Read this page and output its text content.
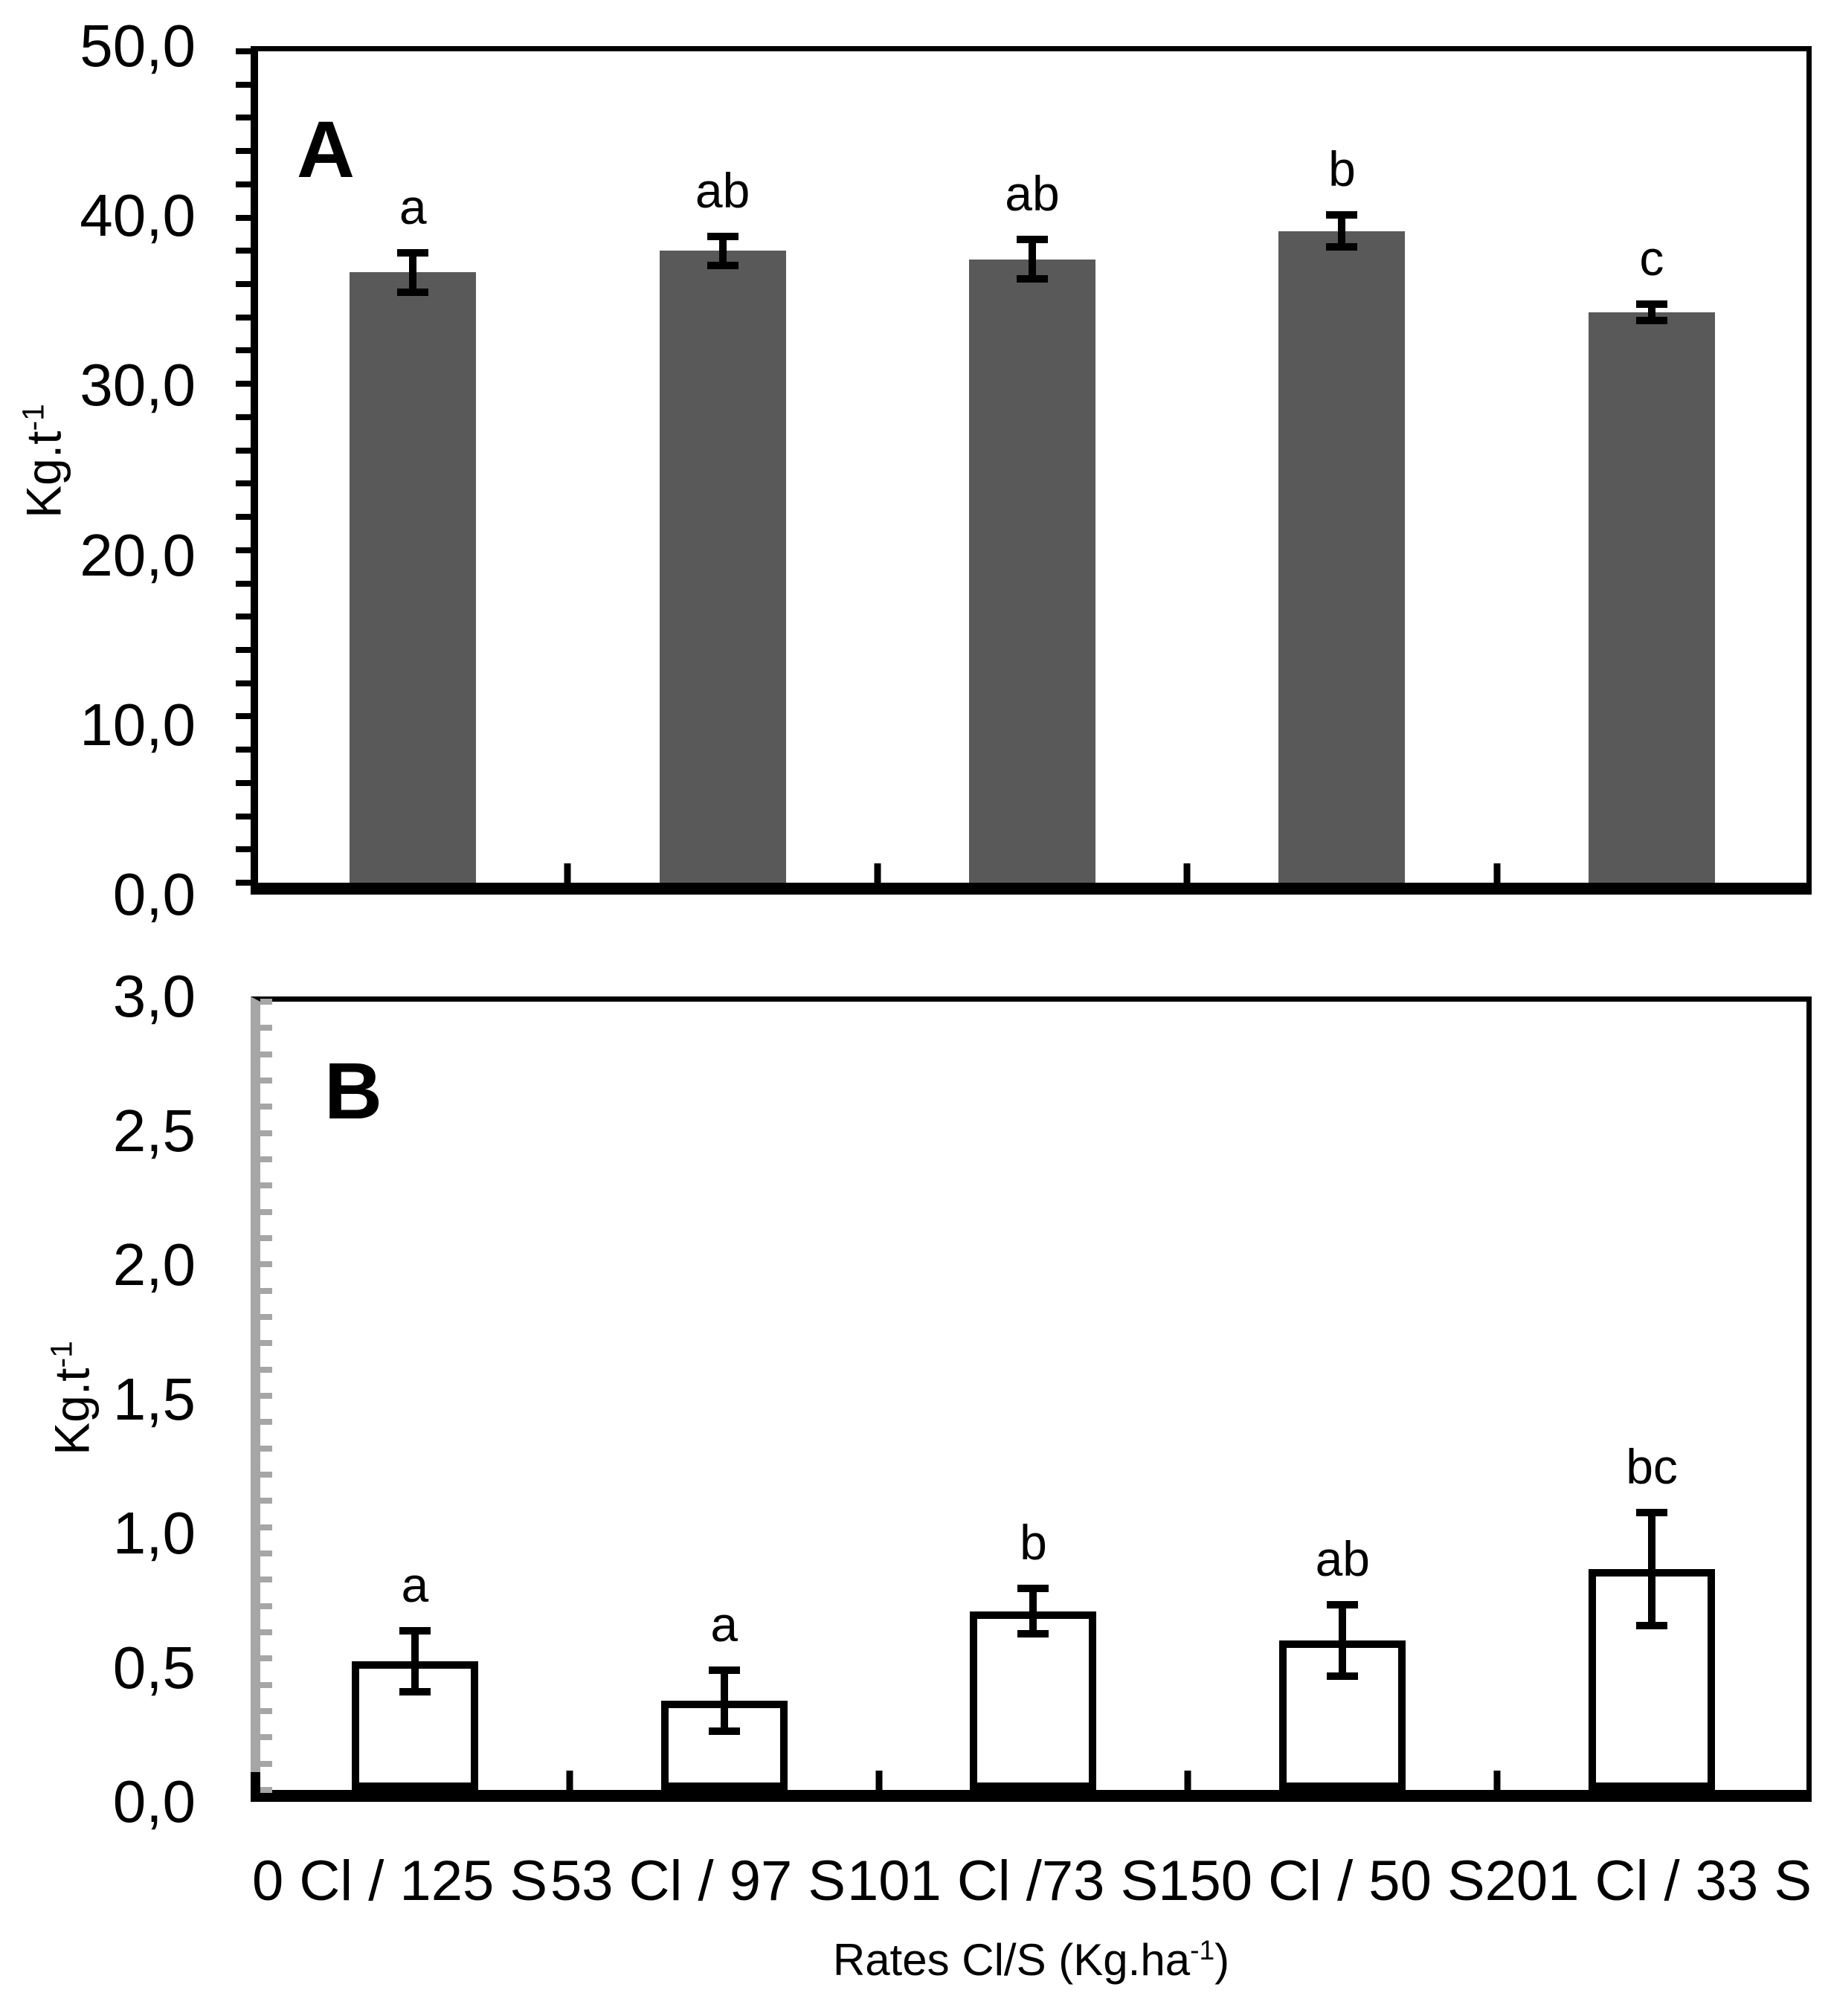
A
a	ab	ab	b
c
50,0
40,0
30,0
20,0
10,0
0,0
$Kg.t^{-1}$
B
a
a
b	ab
bc
3,0
2,5
2,0
1,5
1,0
0,5
0,0
$Kg.t^{-1}$
0 Cl / 125 S 53 Cl / 97 S 101 Cl /73 S 150 Cl / 50 S 201 Cl / 33 S
Rates Cl/S $(Kg.ha^{-1})$
